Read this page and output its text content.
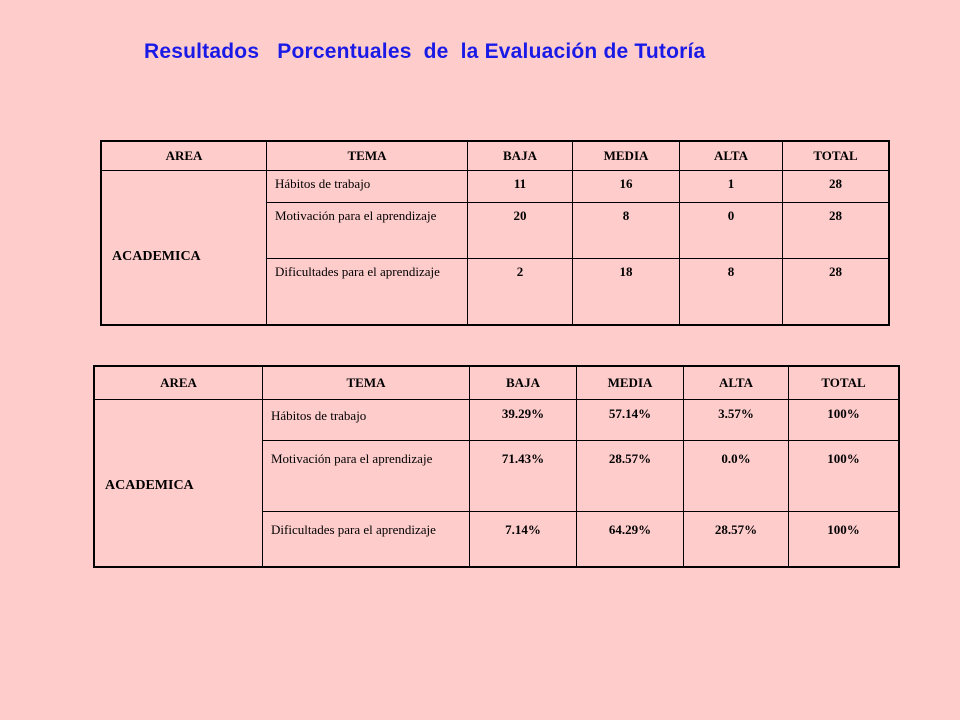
Resultados   Porcentuales  de  la Evaluación de Tutoría
AREA	TEMA	BAJA	MEDIA	ALTA	TOTAL
ACADEMICA	Hábitos de trabajo	11	16	1	28
	Motivación para el aprendizaje	20	8	0	28
	Dificultades para el aprendizaje	2	18	8	28
AREA	TEMA	BAJA	MEDIA	ALTA	TOTAL
ACADEMICA	Hábitos de trabajo	39.29%	57.14%	3.57%	100%
	Motivación para el aprendizaje	71.43%	28.57%	0.0%	100%
	Dificultades para el aprendizaje	7.14%	64.29%	28.57%	100%
